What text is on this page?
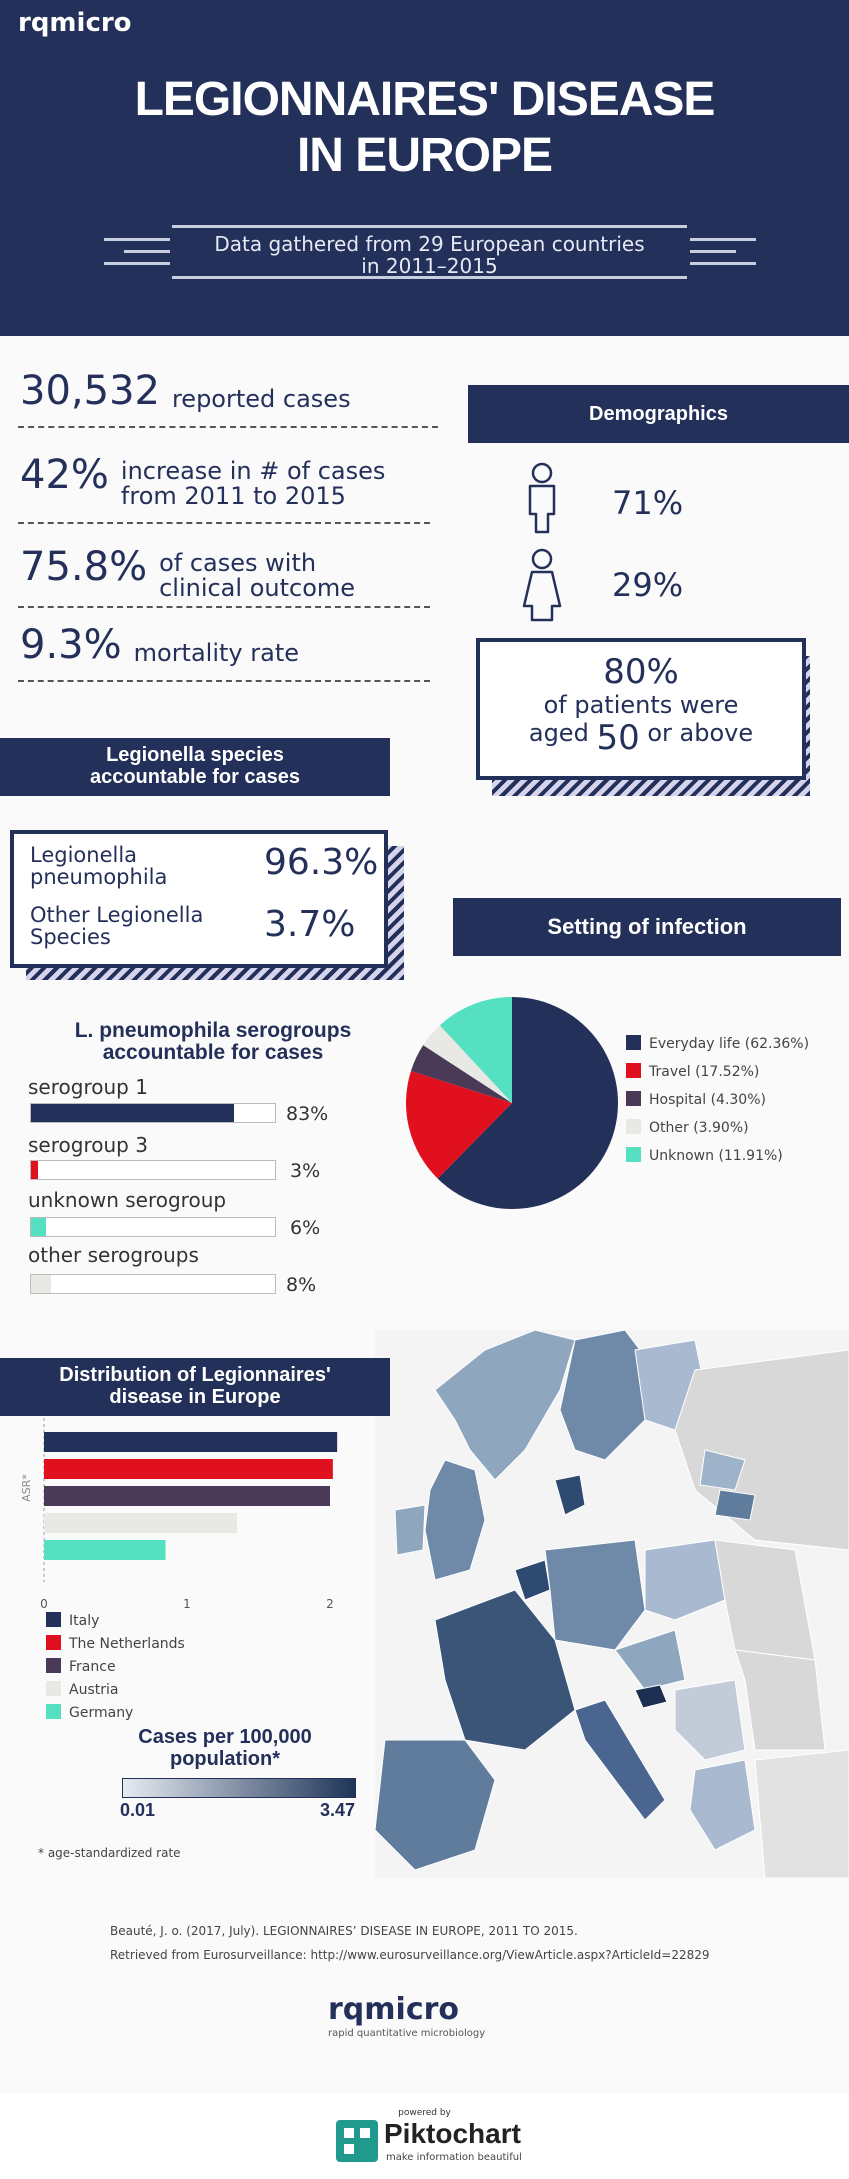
rqmicro
LEGIONNAIRES' DISEASE
IN EUROPE
Data gathered from 29 European countries
in 2011–2015
30,532 reported cases
42% increase in # of cases
from 2011 to 2015
75.8% of cases with
clinical outcome
9.3% mortality rate
Demographics
71%
29%
80%
of patients were
aged 50 or above
Legionella species
accountable for cases
Legionella
pneumophila	96.3%
Other Legionella
Species	3.7%
L. pneumophila serogroups
accountable for cases
serogroup 1
83%
serogroup 3
3%
unknown serogroup
6%
other serogroups
8%
Setting of infection
Everyday life (62.36%)
Travel (17.52%)
Hospital (4.30%)
Other (3.90%)
Unknown (11.91%)
Distribution of Legionnaires'
disease in Europe
ASR*
0	1	2
Italy
The Netherlands
France
Austria
Germany
Cases per 100,000
population*
0.01	3.47
* age-standardized rate
Beauté, J. o. (2017, July). LEGIONNAIRES’ DISEASE IN EUROPE, 2011 TO 2015.
Retrieved from Eurosurveillance: http://www.eurosurveillance.org/ViewArticle.aspx?ArticleId=22829
rqmicro
rapid quantitative microbiology
powered by
Piktochart
make information beautiful
